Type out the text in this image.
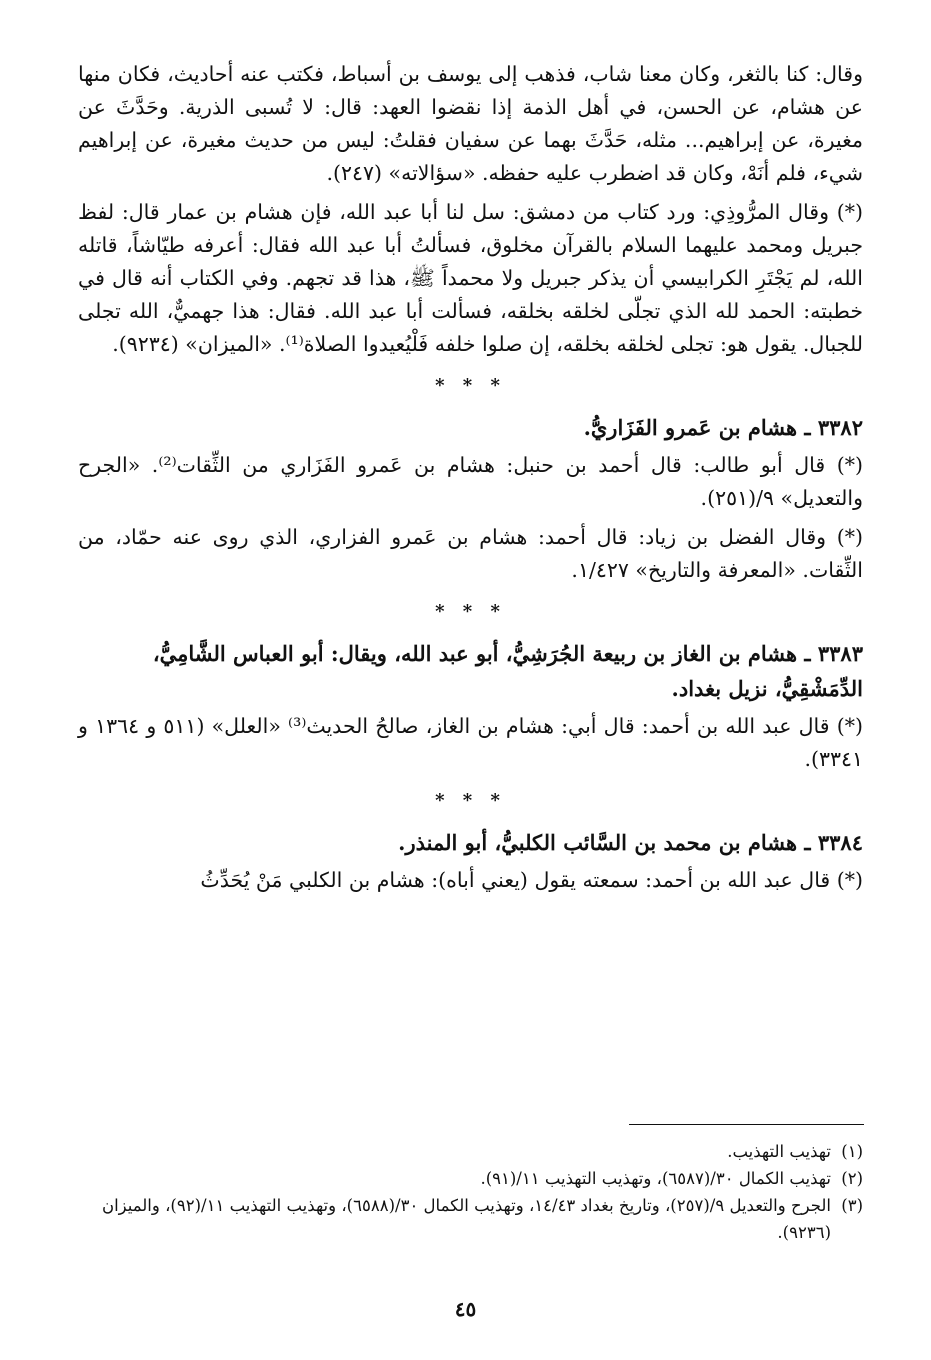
وقال: كنا بالثغر، وكان معنا شاب، فذهب إلى يوسف بن أسباط، فكتب عنه أحاديث، فكان منها عن هشام، عن الحسن، في أهل الذمة إذا نقضوا العهد: قال: لا تُسبى الذرية. وحَدَّثَ عن مغيرة، عن إبراهيم... مثله، حَدَّثَ بهما عن سفيان فقلتُ: ليس من حديث مغيرة، عن إبراهيم شيء، فلم أنَهْ، وكان قد اضطرب عليه حفظه. «سؤالاته» (٢٤٧).

(*) وقال المرُّوذِي: ورد كتاب من دمشق: سل لنا أبا عبد الله، فإن هشام بن عمار قال: لفظ جبريل ومحمد عليهما السلام بالقرآن مخلوق، فسألتُ أبا عبد الله فقال: أعرفه طيّاشاً، قاتله الله، لم يَجْتَرِ الكرابيسي أن يذكر جبريل ولا محمداً ﷺ، هذا قد تجهم. وفي الكتاب أنه قال في خطبته: الحمد لله الذي تجلّى لخلقه بخلقه، فسألت أبا عبد الله. فقال: هذا جهميٌّ، الله تجلى للجبال. يقول هو: تجلى لخلقه بخلقه، إن صلوا خلفه فَلْيُعيدوا الصلاة⁽¹⁾. «الميزان» (٩٢٣٤).

* * *
٣٣٨٢ ـ هشام بن عَمرو الفَزَاريُّ.

(*) قال أبو طالب: قال أحمد بن حنبل: هشام بن عَمرو الفَزَاري من الثِّقات⁽²⁾. «الجرح والتعديل» ٩/(٢٥١).

(*) وقال الفضل بن زياد: قال أحمد: هشام بن عَمرو الفزاري، الذي روى عنه حمّاد، من الثِّقات. «المعرفة والتاريخ» ١/٤٢٧.

* * *
٣٣٨٣ ـ هشام بن الغاز بن ربيعة الجُرَشِيُّ، أبو عبد الله، ويقال: أبو العباس الشَّامِيُّ، الدِّمَشْقِيُّ، نزيل بغداد.

(*) قال عبد الله بن أحمد: قال أبي: هشام بن الغاز، صالحُ الحديث⁽³⁾ «العلل» (٥١١ و ١٣٦٤ و ٣٣٤١).

* * *
٣٣٨٤ ـ هشام بن محمد بن السَّائب الكلبيُّ، أبو المنذر.

(*) قال عبد الله بن أحمد: سمعته يقول (يعني أباه): هشام بن الكلبي مَنْ يُحَدِّثُ

(١)
تهذيب التهذيب.
(٢)
تهذيب الكمال ٣٠/(٦٥٨٧)، وتهذيب التهذيب ١١/(٩١).
(٣)
الجرح والتعديل ٩/(٢٥٧)، وتاريخ بغداد ١٤/٤٣، وتهذيب الكمال ٣٠/(٦٥٨٨)، وتهذيب التهذيب ١١/(٩٢)، والميزان (٩٢٣٦).
٤٥
